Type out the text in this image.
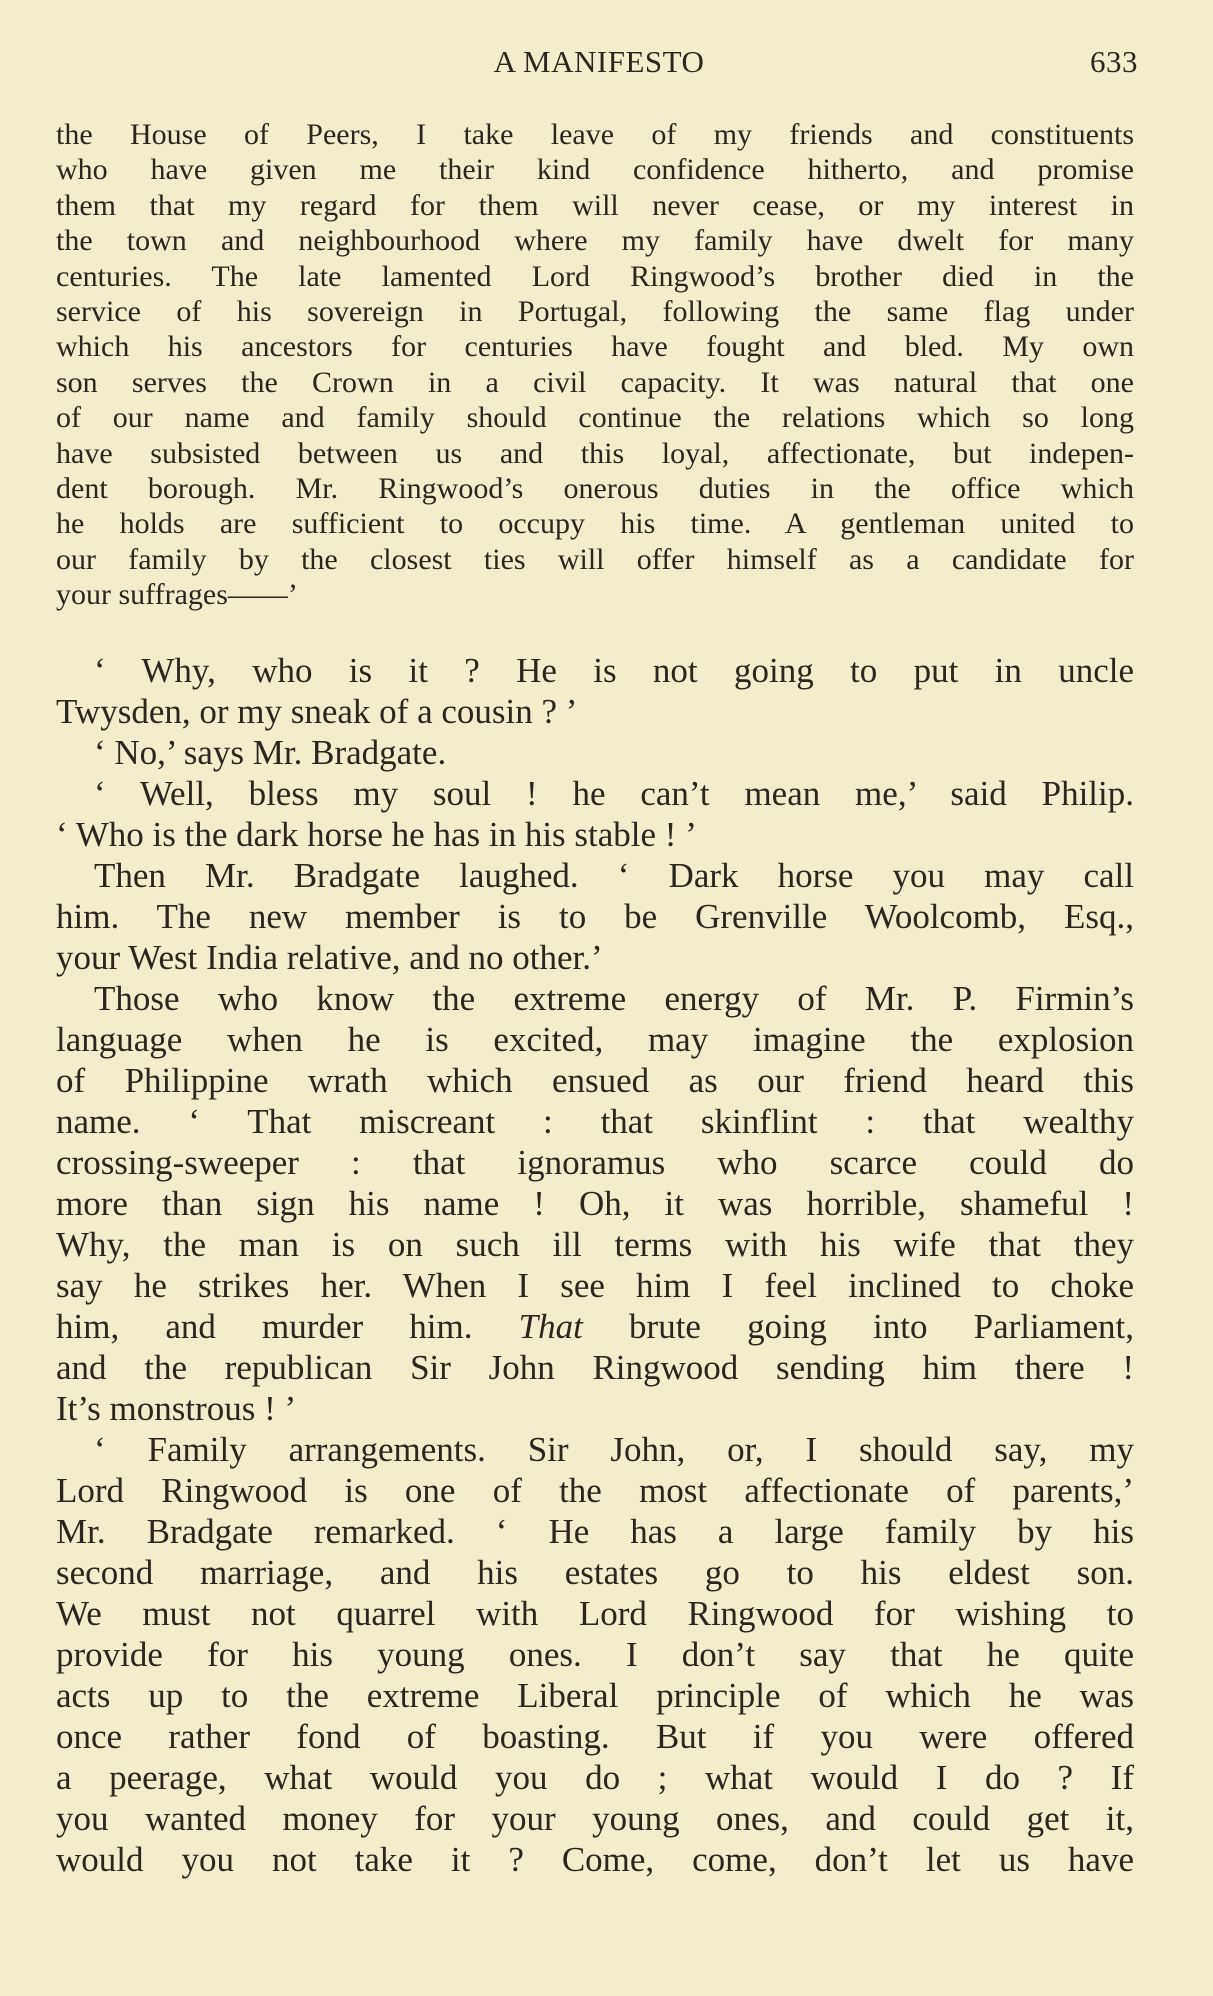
A MANIFESTO	633
the House of Peers, I take leave of my friends and constituents
who have given me their kind confidence hitherto, and promise
them that my regard for them will never cease, or my interest in
the town and neighbourhood where my family have dwelt for many
centuries. The late lamented Lord Ringwood’s brother died in the
service of his sovereign in Portugal, following the same flag under
which his ancestors for centuries have fought and bled. My own
son serves the Crown in a civil capacity. It was natural that one
of our name and family should continue the relations which so long
have subsisted between us and this loyal, affectionate, but indepen-
dent borough. Mr. Ringwood’s onerous duties in the office which
he holds are sufficient to occupy his time. A gentleman united to
our family by the closest ties will offer himself as a candidate for
your suffrages——’
‘ Why, who is it ? He is not going to put in uncle
Twysden, or my sneak of a cousin ? ’
‘ No,’ says Mr. Bradgate.
‘ Well, bless my soul ! he can’t mean me,’ said Philip.
‘ Who is the dark horse he has in his stable ! ’
Then Mr. Bradgate laughed. ‘ Dark horse you may call
him. The new member is to be Grenville Woolcomb, Esq.,
your West India relative, and no other.’
Those who know the extreme energy of Mr. P. Firmin’s
language when he is excited, may imagine the explosion
of Philippine wrath which ensued as our friend heard this
name. ‘ That miscreant : that skinflint : that wealthy
crossing-sweeper : that ignoramus who scarce could do
more than sign his name ! Oh, it was horrible, shameful !
Why, the man is on such ill terms with his wife that they
say he strikes her. When I see him I feel inclined to choke
him, and murder him. That brute going into Parliament,
and the republican Sir John Ringwood sending him there !
It’s monstrous ! ’
‘ Family arrangements. Sir John, or, I should say, my
Lord Ringwood is one of the most affectionate of parents,’
Mr. Bradgate remarked. ‘ He has a large family by his
second marriage, and his estates go to his eldest son.
We must not quarrel with Lord Ringwood for wishing to
provide for his young ones. I don’t say that he quite
acts up to the extreme Liberal principle of which he was
once rather fond of boasting. But if you were offered
a peerage, what would you do ; what would I do ? If
you wanted money for your young ones, and could get it,
would you not take it ? Come, come, don’t let us have
